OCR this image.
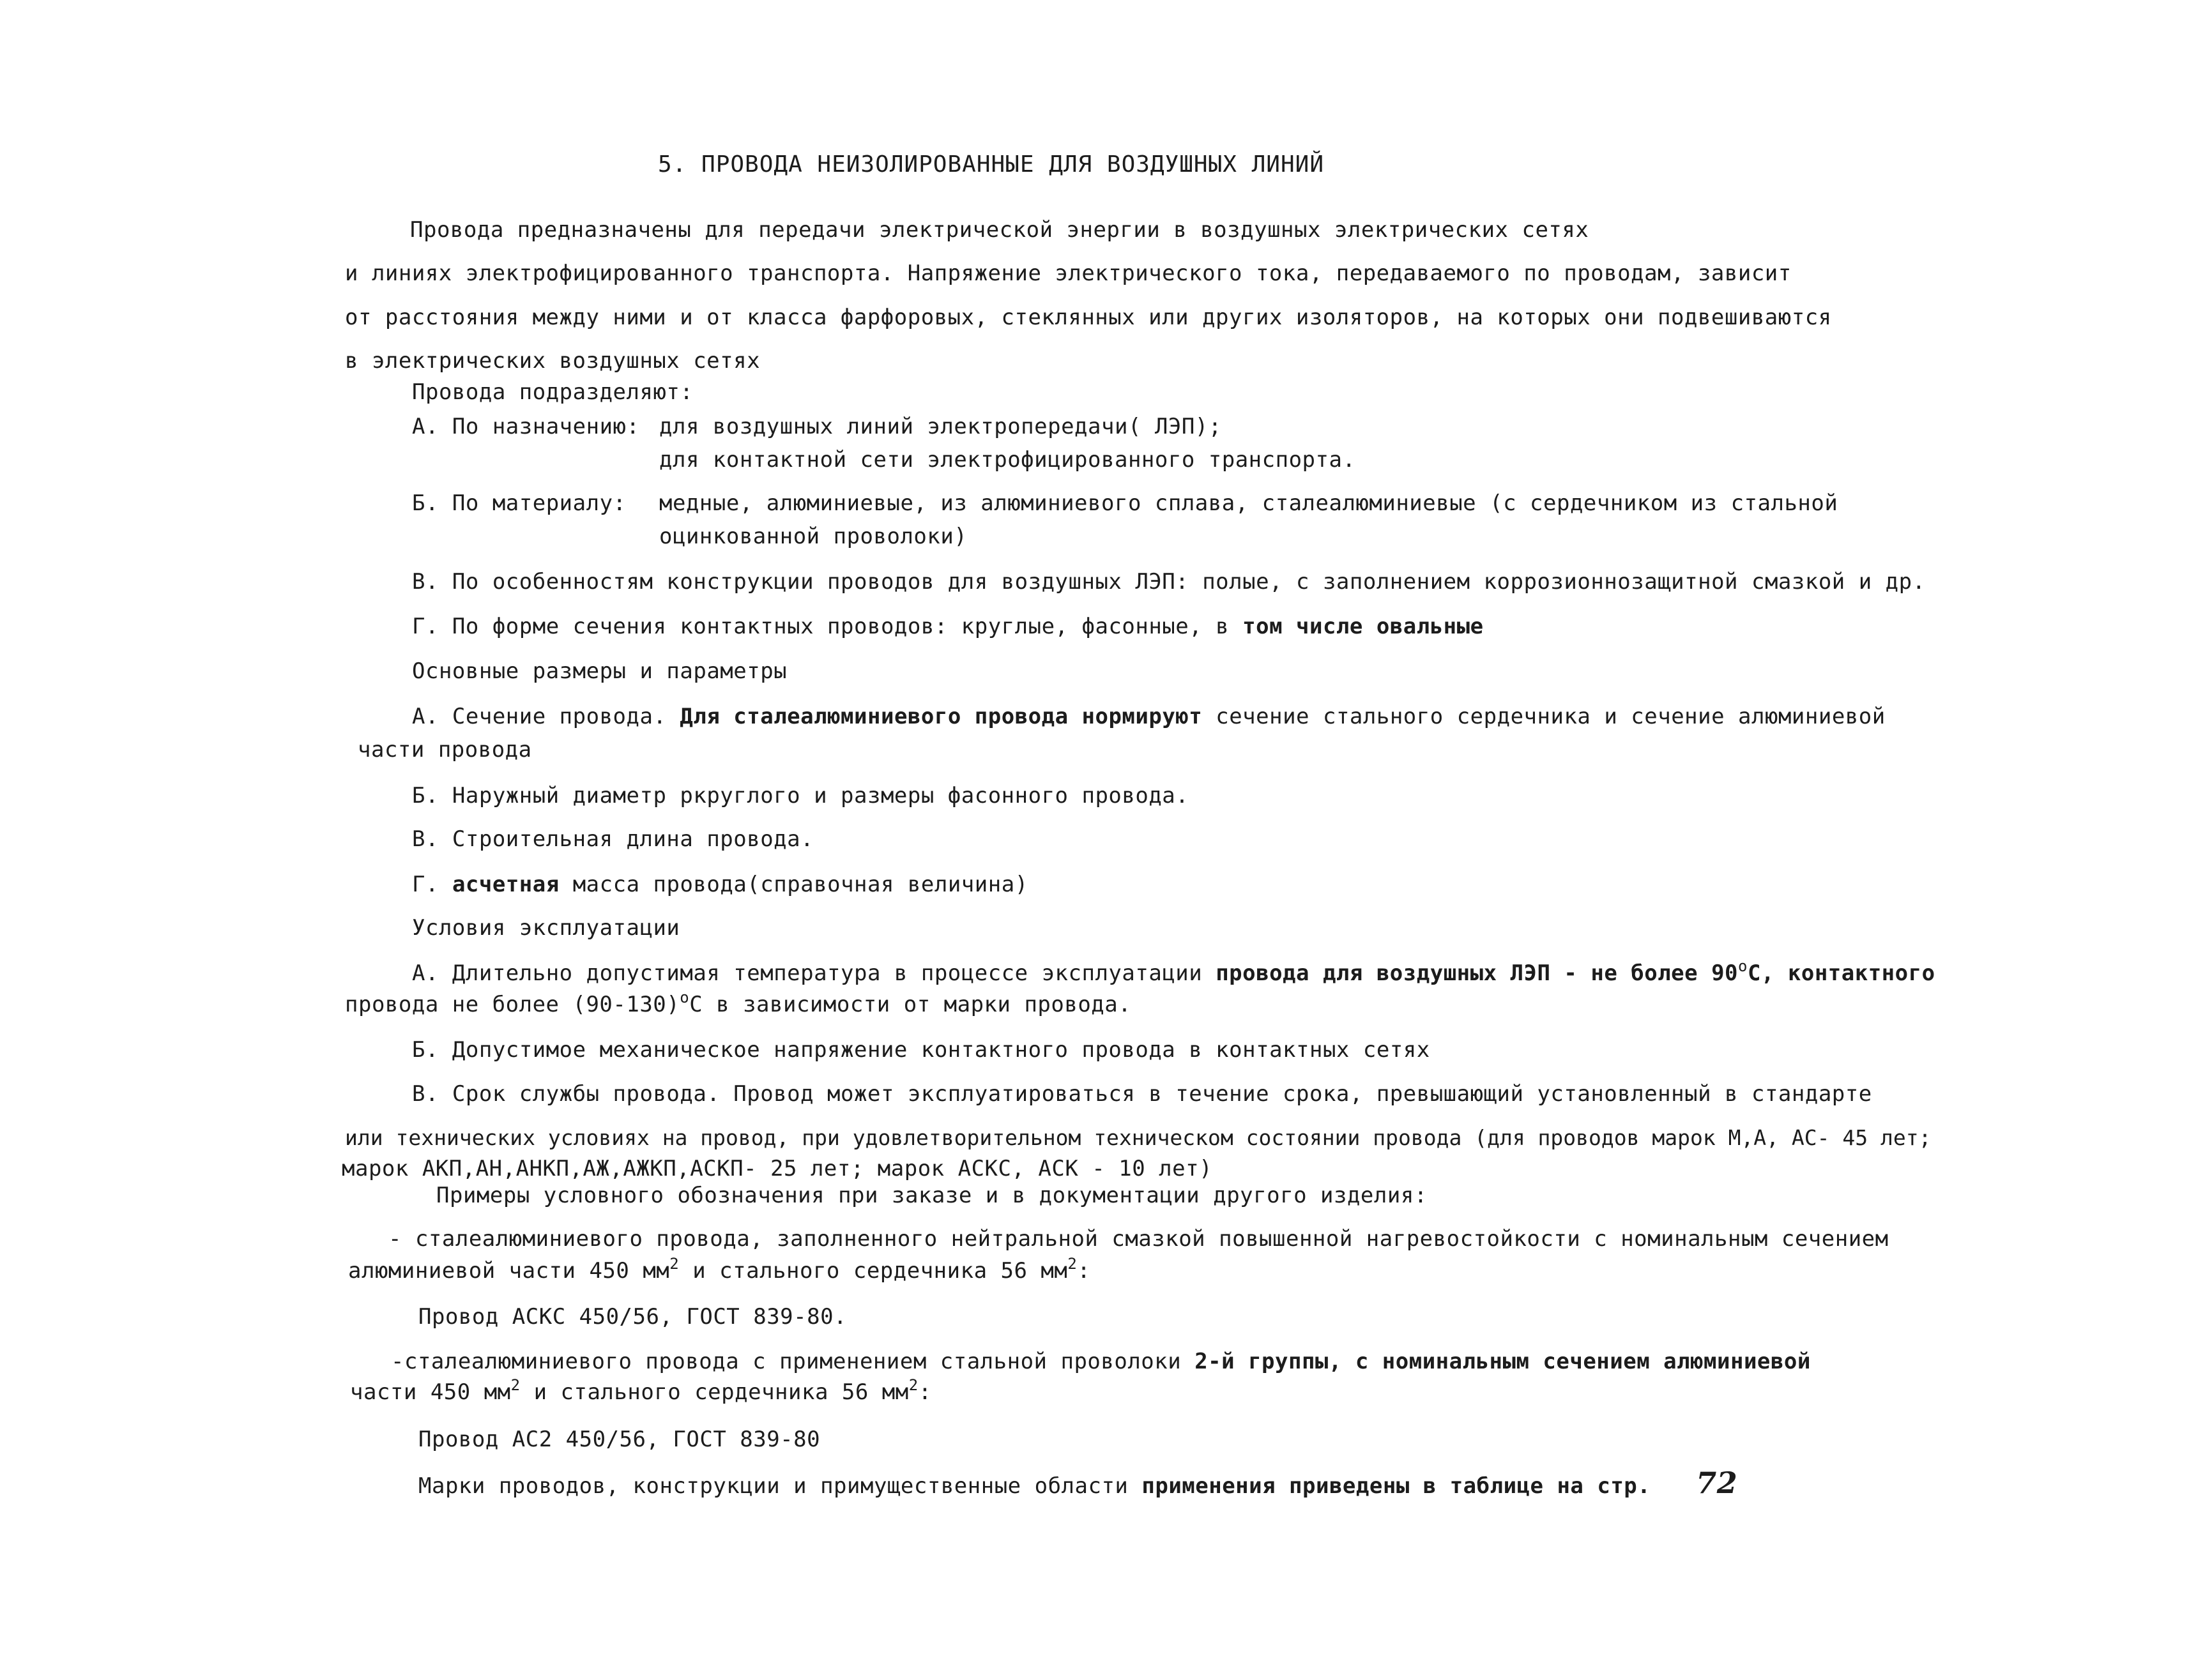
5. ПРОВОДА НЕИЗОЛИРОВАННЫЕ ДЛЯ ВОЗДУШНЫХ ЛИНИЙ
Провода предназначены для передачи электрической энергии в воздушных электрических сетях
и линиях электрофицированного транспорта. Напряжение электрического тока, передаваемого по проводам, зависит
от расстояния между ними и от класса фарфоровых, стеклянных или других изоляторов, на которых они подвешиваются
в электрических воздушных сетях
Провода подразделяют:
А. По назначению: для воздушных линий электропередачи( ЛЭП);
для контактной сети электрофицированного транспорта.
Б. По материалу: медные, алюминиевые, из алюминиевого сплава, сталеалюминиевые (с сердечником из стальной
оцинкованной проволоки)
В. По особенностям конструкции проводов для воздушных ЛЭП: полые, с заполнением коррозионнозащитной смазкой и др.
Г. По форме сечения контактных проводов: круглые, фасонные, в том числе овальные
Основные размеры и параметры
А. Сечение провода. Для сталеалюминиевого провода нормируют сечение стального сердечника и сечение алюминиевой
части провода
Б. Наружный диаметр ркруглого и размеры фасонного провода.
В. Строительная длина провода.
Г. асчетная масса провода(справочная величина)
Условия эксплуатации
А. Длительно допустимая температура в процессе эксплуатации провода для воздушных ЛЭП - не более $90^оС$, контактного
провода не более $(90-130)^оС$ в зависимости от марки провода.
Б. Допустимое механическое напряжение контактного провода в контактных сетях
В. Срок службы провода. Провод может эксплуатироваться в течение срока, превышающий установленный в стандарте
или технических условиях на провод, при удовлетворительном техническом состоянии провода (для проводов марок М,А, АС- 45 лет;
марок АКП,АН,АНКП,АЖ,АЖКП,АСКП- 25 лет; марок АСКС, АСК - 10 лет)
Примеры условного обозначения при заказе и в документации другого изделия:
- сталеалюминиевого провода, заполненного нейтральной смазкой повышенной нагревостойкости с номинальным сечением
алюминиевой части 450 $мм^2$ и стального сердечника 56 $мм^2$:
Провод АСКС 450/56, ГОСТ 839-80.
-сталеалюминиевого провода с применением стальной проволоки 2-й группы, с номинальным сечением алюминиевой
части 450 $мм^2$ и стального сердечника 56 $мм^2$:
Провод АС2 450/56, ГОСТ 839-80
Марки проводов, конструкции и примущественные области применения приведены в таблице на стр. 72
